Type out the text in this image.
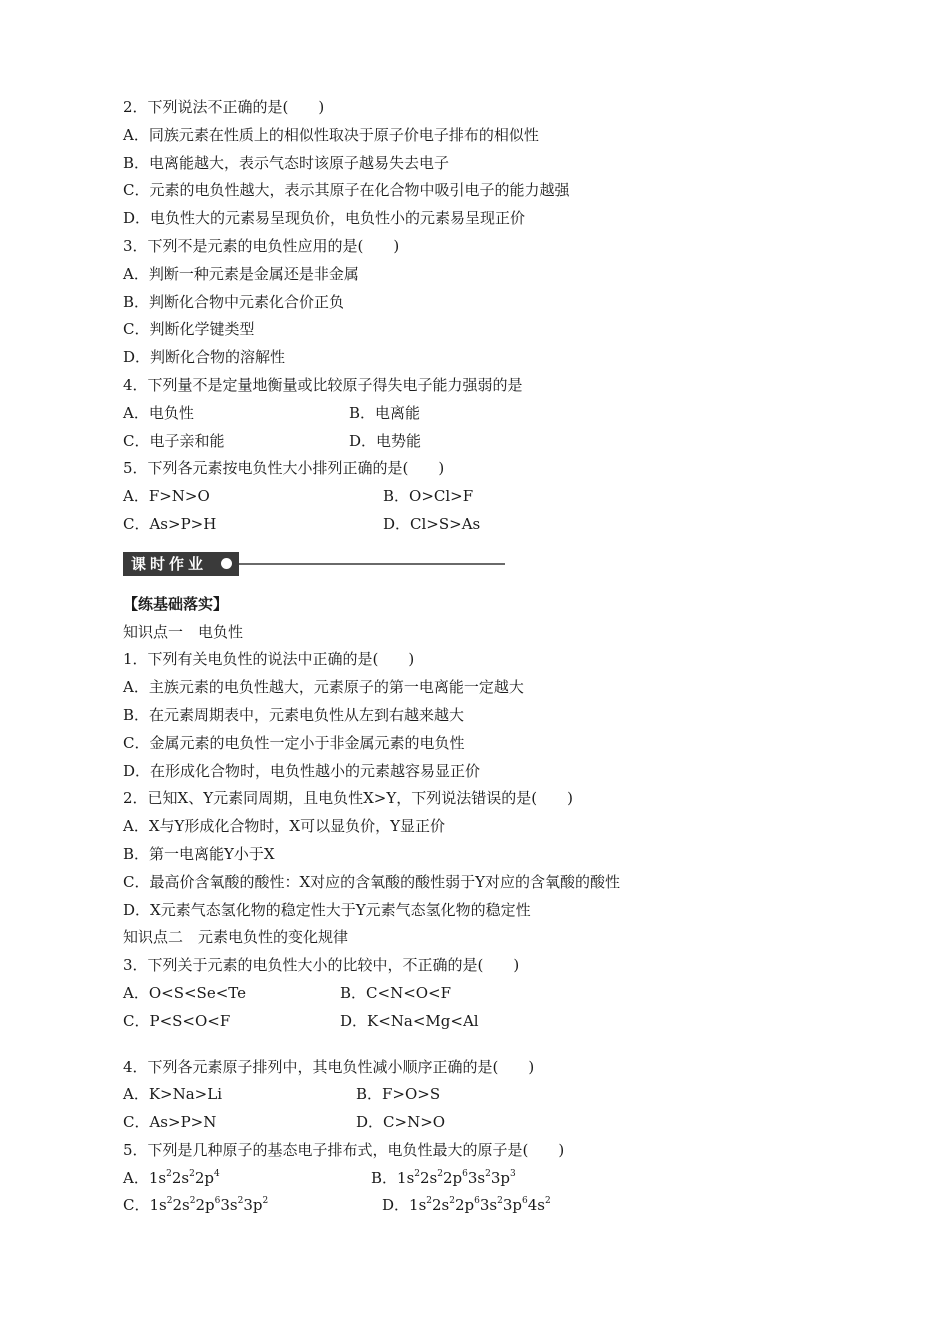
2．下列说法不正确的是(　　)
A．同族元素在性质上的相似性取决于原子价电子排布的相似性
B．电离能越大，表示气态时该原子越易失去电子
C．元素的电负性越大，表示其原子在化合物中吸引电子的能力越强
D．电负性大的元素易呈现负价，电负性小的元素易呈现正价
3．下列不是元素的电负性应用的是(　　)
A．判断一种元素是金属还是非金属
B．判断化合物中元素化合价正负
C．判断化学键类型
D．判断化合物的溶解性
4．下列量不是定量地衡量或比较原子得失电子能力强弱的是
A．电负性	B．电离能
C．电子亲和能	D．电势能
5．下列各元素按电负性大小排列正确的是(　　)
A．F>N>O	B．O>Cl>F
C．As>P>H	D．Cl>S>As
课时作业
【练基础落实】
知识点一　电负性
1．下列有关电负性的说法中正确的是(　　)
A．主族元素的电负性越大，元素原子的第一电离能一定越大
B．在元素周期表中，元素电负性从左到右越来越大
C．金属元素的电负性一定小于非金属元素的电负性
D．在形成化合物时，电负性越小的元素越容易显正价
2．已知X、Y元素同周期，且电负性X>Y，下列说法错误的是(　　)
A．X与Y形成化合物时，X可以显负价，Y显正价
B．第一电离能Y小于X
C．最高价含氧酸的酸性：X对应的含氧酸的酸性弱于Y对应的含氧酸的酸性
D．X元素气态氢化物的稳定性大于Y元素气态氢化物的稳定性
知识点二　元素电负性的变化规律
3．下列关于元素的电负性大小的比较中，不正确的是(　　)
A．O<S<Se<Te	B．C<N<O<F
C．P<S<O<F	D．K<Na<Mg<Al
4．下列各元素原子排列中，其电负性减小顺序正确的是(　　)
A．K>Na>Li	B．F>O>S
C．As>P>N	D．C>N>O
5．下列是几种原子的基态电子排布式，电负性最大的原子是(　　)
A．$1s^22s^22p^4$	B．$1s^22s^22p^63s^23p^3$
C．$1s^22s^22p^63s^23p^2$	D．$1s^22s^22p^63s^23p^64s^2$
